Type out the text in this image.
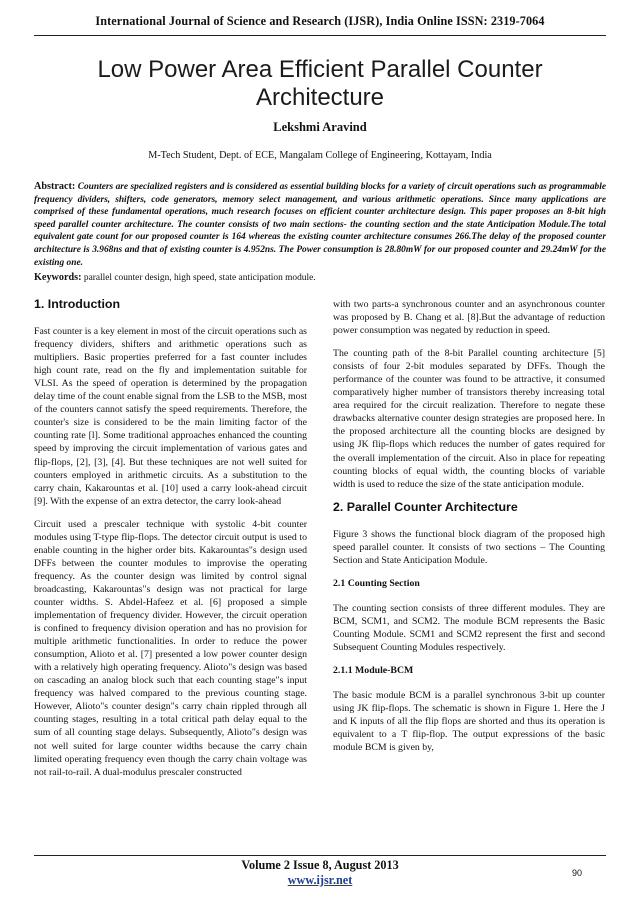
International Journal of Science and Research (IJSR), India Online ISSN: 2319-7064
Low Power Area Efficient Parallel Counter Architecture
Lekshmi Aravind
M-Tech Student, Dept. of ECE, Mangalam College of Engineering, Kottayam, India
Abstract: Counters are specialized registers and is considered as essential building blocks for a variety of circuit operations such as programmable frequency dividers, shifters, code generators, memory select management, and various arithmetic operations. Since many applications are comprised of these fundamental operations, much research focuses on efficient counter architecture design. This paper proposes an 8-bit high speed parallel counter architecture. The counter consists of two main sections- the counting section and the state Anticipation Module.The total equivalent gate count for our proposed counter is 164 whereas the existing counter architecture consumes 266.The delay of the proposed counter architecture is 3.968ns and that of existing counter is 4.952ns. The Power consumption is 28.80mW for our proposed counter and 29.24mW for the existing one.
Keywords: parallel counter design, high speed, state anticipation module.
1. Introduction

Fast counter is a key element in most of the circuit operations such as frequency dividers, shifters and arithmetic operations such as multipliers. Basic properties preferred for a fast counter includes high count rate, read on the fly and implementation suitable for VLSI. As the speed of operation is determined by the propagation delay time of the count enable signal from the LSB to the MSB, most of the counters cannot satisfy the speed requirements. Therefore, the counter's size is considered to be the main limiting factor of the counting rate [l]. Some traditional approaches enhanced the counting speed by improving the circuit implementation of various gates and flip-flops, [2], [3], [4]. But these techniques are not well suited for counters employed in arithmetic circuits. As a substitution to the carry chain, Kakarountas et al. [10] used a carry look-ahead circuit [9]. With the expense of an extra detector, the carry look-ahead

Circuit used a prescaler technique with systolic 4-bit counter modules using T-type flip-flops. The detector circuit output is used to enable counting in the higher order bits. Kakarountas"s design used DFFs between the counter modules to improvise the operating frequency. As the counter design was limited by control signal broadcasting, Kakarountas"s design was not practical for large counter widths. S. Abdel-Hafeez et al. [6] proposed a simple implementation of frequency divider. However, the circuit operation is confined to frequency division operation and has no provision for multiple arithmetic functionalities. In order to reduce the power consumption, Alioto et al. [7] presented a low power counter design with a relatively high operating frequency. Alioto"s design was based on cascading an analog block such that each counting stage"s input frequency was halved compared to the previous counting stage. However, Alioto"s counter design"s carry chain rippled through all counting stages, resulting in a total critical path delay equal to the sum of all counting stage delays. Subsequently, Alioto"s design was not well suited for large counter widths because the carry chain limited operating frequency even though the carry chain voltage was not rail-to-rail. A dual-modulus prescaler constructed

with two parts-a synchronous counter and an asynchronous counter was proposed by B. Chang et al. [8].But the advantage of reduction power consumption was negated by reduction in speed.

The counting path of the 8-bit Parallel counting architecture [5] consists of four 2-bit modules separated by DFFs. Though the performance of the counter was found to be attractive, it consumed comparatively higher number of transistors thereby increasing total area required for the circuit realization. Therefore to negate these drawbacks alternative counter design strategies are proposed here. In the proposed architecture all the counting blocks are designed by using JK flip-flops which reduces the number of gates required for the overall implementation of the circuit. Also in place for repeating counting blocks of equal width, the counting blocks of variable width is used to reduce the size of the state anticipation module.

2. Parallel Counter Architecture

Figure 3 shows the functional block diagram of the proposed high speed parallel counter. It consists of two sections – The Counting Section and State Anticipation Module.

2.1 Counting Section

The counting section consists of three different modules. They are BCM, SCM1, and SCM2. The module BCM represents the Basic Counting Module. SCM1 and SCM2 represent the first and second Subsequent Counting Modules respectively.

2.1.1 Module-BCM

The basic module BCM is a parallel synchronous 3-bit up counter using JK flip-flops. The schematic is shown in Figure 1. Here the J and K inputs of all the flip flops are shorted and thus its operation is equivalent to a T flip-flop. The output expressions of the basic module BCM is given by,

Volume 2 Issue 8, August 2013
www.ijsr.net	90
